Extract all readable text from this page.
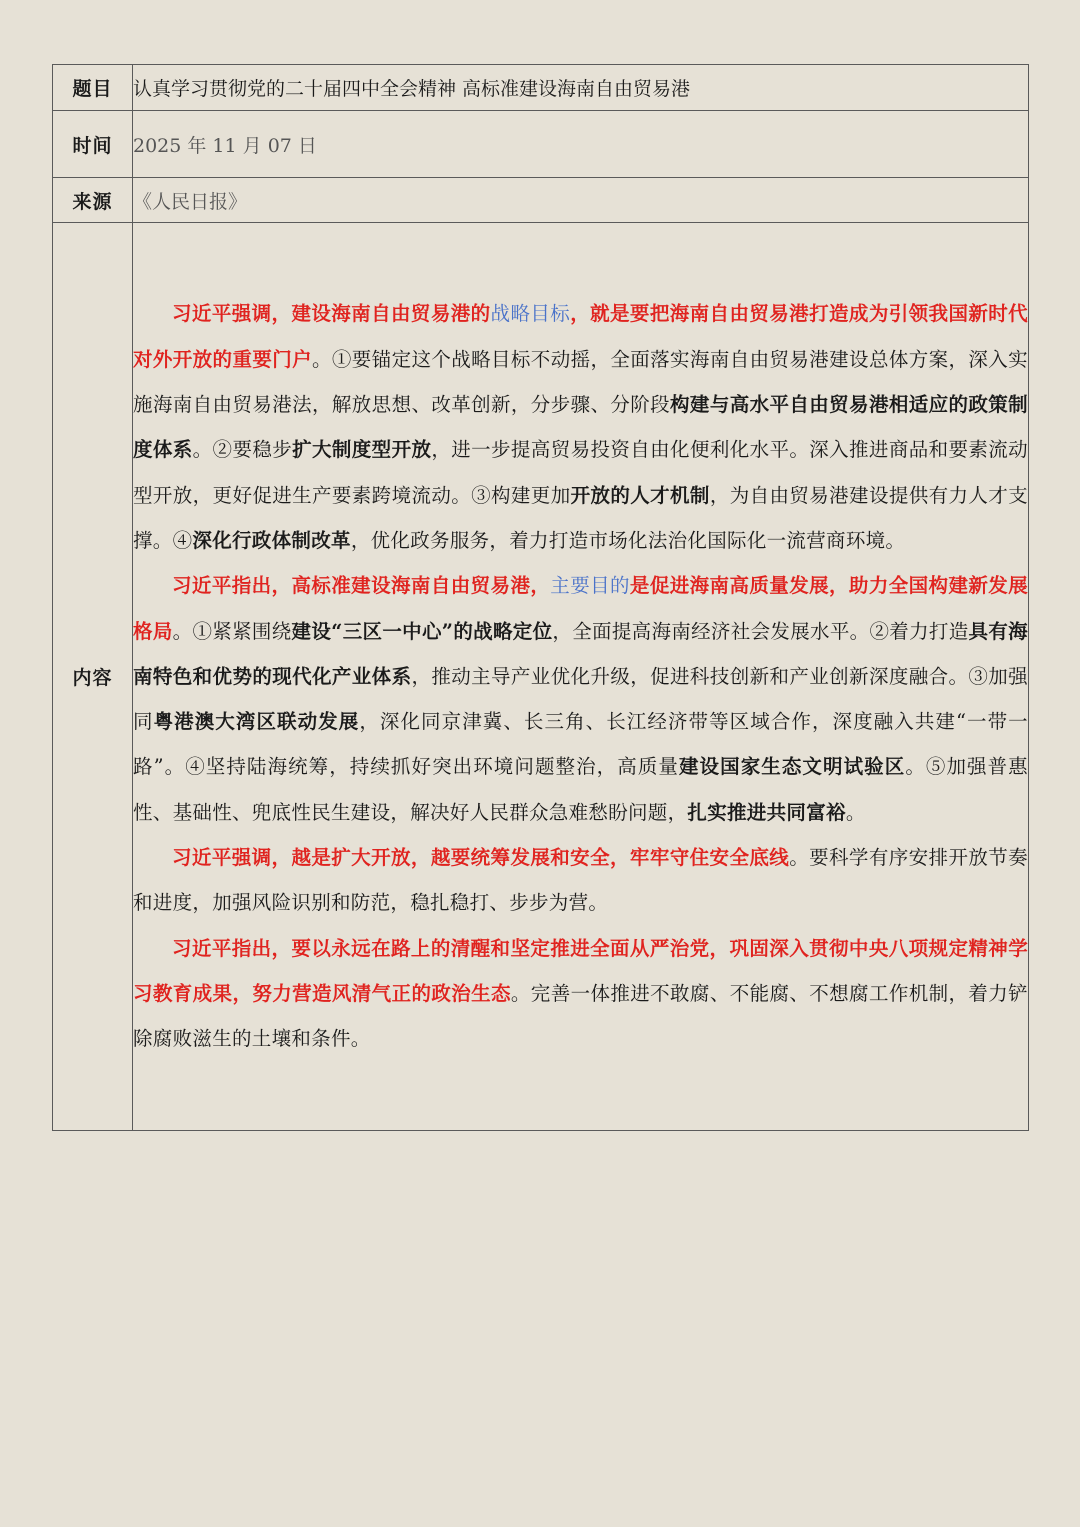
题目	认真学习贯彻党的二十届四中全会精神 高标准建设海南自由贸易港
时间	2025 年 11 月 07 日
来源	《人民日报》
内容	习近平强调，建设海南自由贸易港的战略目标，就是要把海南自由贸易港打造成为引领我国新时代对外开放的重要门户。①要锚定这个战略目标不动摇，全面落实海南自由贸易港建设总体方案，深入实施海南自由贸易港法，解放思想、改革创新，分步骤、分阶段构建与高水平自由贸易港相适应的政策制度体系。②要稳步扩大制度型开放，进一步提高贸易投资自由化便利化水平。深入推进商品和要素流动型开放，更好促进生产要素跨境流动。③构建更加开放的人才机制，为自由贸易港建设提供有力人才支撑。④深化行政体制改革，优化政务服务，着力打造市场化法治化国际化一流营商环境。

习近平指出，高标准建设海南自由贸易港，主要目的是促进海南高质量发展，助力全国构建新发展格局。①紧紧围绕建设“三区一中心”的战略定位，全面提高海南经济社会发展水平。②着力打造具有海南特色和优势的现代化产业体系，推动主导产业优化升级，促进科技创新和产业创新深度融合。③加强同粤港澳大湾区联动发展，深化同京津冀、长三角、长江经济带等区域合作，深度融入共建“一带一路”。④坚持陆海统筹，持续抓好突出环境问题整治，高质量建设国家生态文明试验区。⑤加强普惠性、基础性、兜底性民生建设，解决好人民群众急难愁盼问题，扎实推进共同富裕。

习近平强调，越是扩大开放，越要统筹发展和安全，牢牢守住安全底线。要科学有序安排开放节奏和进度，加强风险识别和防范，稳扎稳打、步步为营。

习近平指出，要以永远在路上的清醒和坚定推进全面从严治党，巩固深入贯彻中央八项规定精神学习教育成果，努力营造风清气正的政治生态。完善一体推进不敢腐、不能腐、不想腐工作机制，着力铲除腐败滋生的土壤和条件。
